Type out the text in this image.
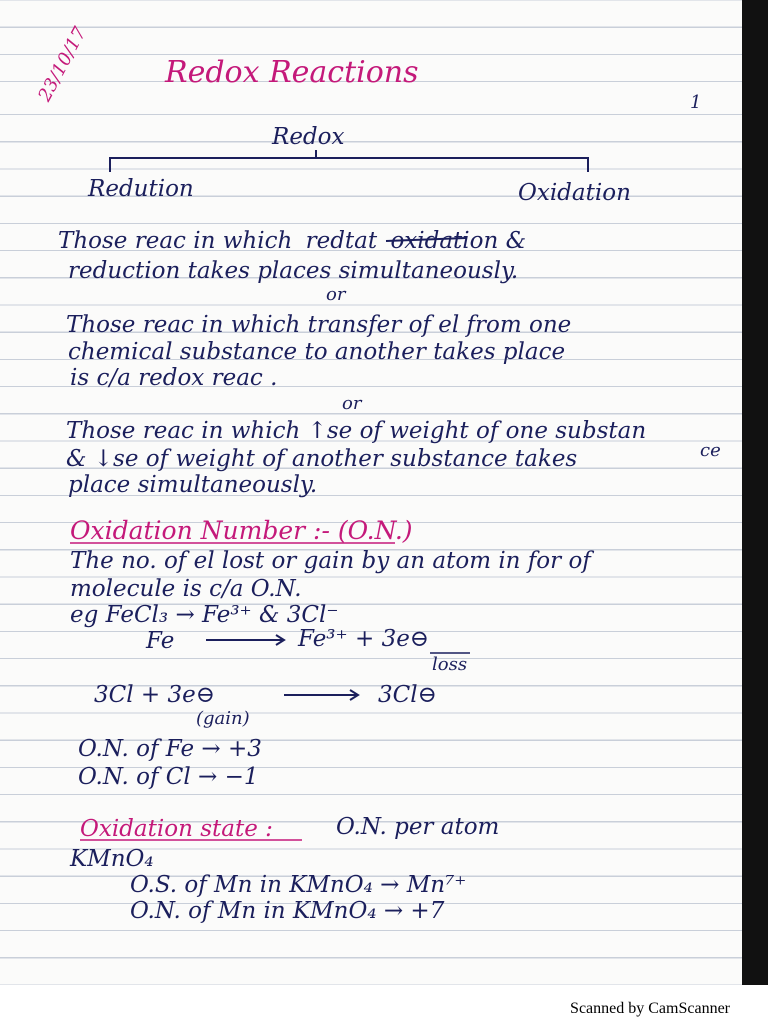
23/10/17 Redox Reactions
1
Redox
Redution	Oxidation
Those reac in which redtat oxidation &
reduction takes places simultaneously.
or
Those reac in which transfer of el from one
chemical substance to another takes place
is c/a redox reac .
or
Those reac in which ↑se of weight of one substan
ce
& ↓se of weight of another substance takes
place simultaneously.
Oxidation Number :- (O.N.)
The no. of el lost or gain by an atom in for of
molecule is c/a O.N.
eg FeCl₃ → Fe³⁺ & 3Cl⁻
Fe	Fe³⁺ + 3e⊖
loss
3Cl + 3e⊖	3Cl⊖
(gain)
O.N. of Fe → +3
O.N. of Cl → −1
Oxidation state :	O.N. per atom
KMnO₄
O.S. of Mn in KMnO₄ → Mn⁷⁺
O.N. of Mn in KMnO₄ → +7
Scanned by CamScanner
